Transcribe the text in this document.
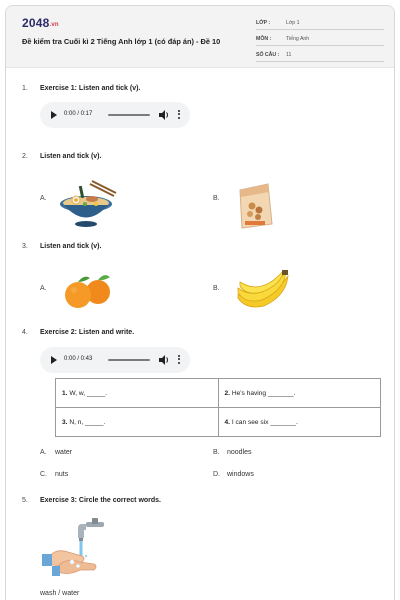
2048.vn
Đề kiểm tra Cuối kì 2 Tiếng Anh lớp 1 (có đáp án) - Đề 10
LỚP :	Lớp 1
MÔN :	Tiếng Anh
SỐ CÂU : 11
1. Exercise 1: Listen and tick (v).
0:00 / 0:17
2. Listen and tick (v).
A.	B.
3. Listen and tick (v).
A.	B.
4. Exercise 2: Listen and write.
0:00 / 0:43
1. W, w, _____.	2. He's having _______.
3. N, n, _____.	4. I can see six _______.
A. water	B. noodles
C. nuts	D. windows
5. Exercise 3: Circle the correct words.
wash / water
